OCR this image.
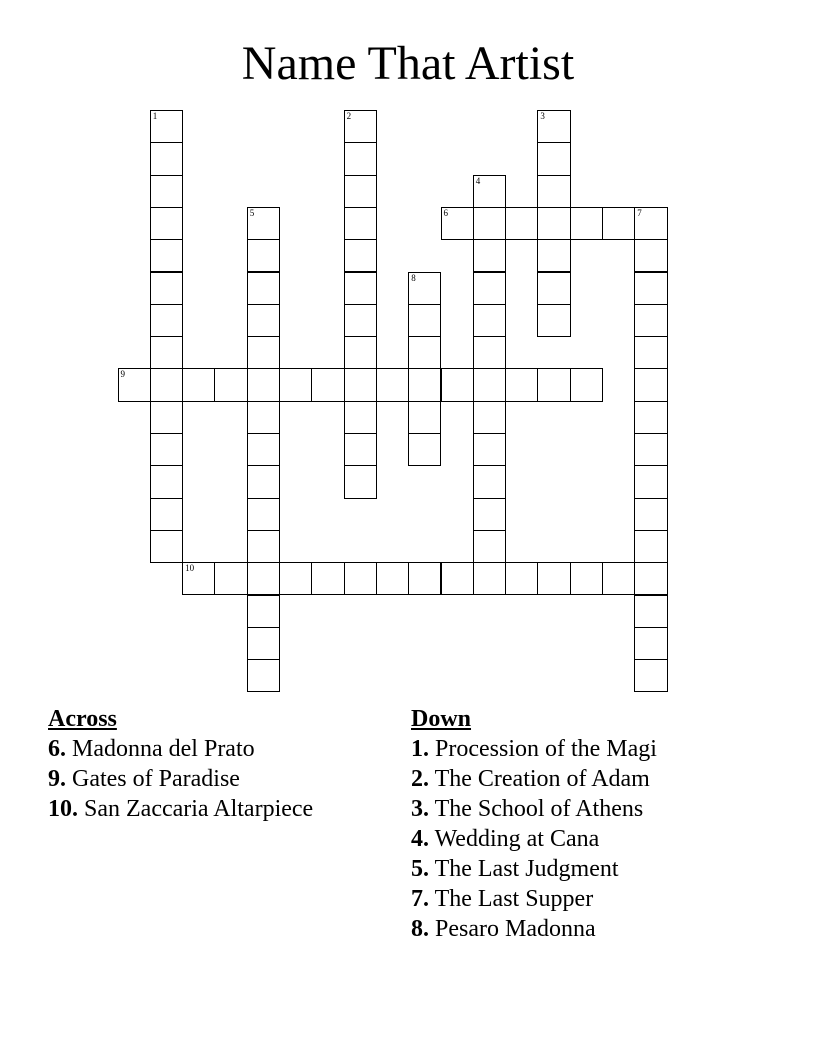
Name That Artist
1	2	3
4
5	6	7
8
9
10
Across
6. Madonna del Prato
9. Gates of Paradise
10. San Zaccaria Altarpiece
Down
1. Procession of the Magi
2. The Creation of Adam
3. The School of Athens
4. Wedding at Cana
5. The Last Judgment
7. The Last Supper
8. Pesaro Madonna
